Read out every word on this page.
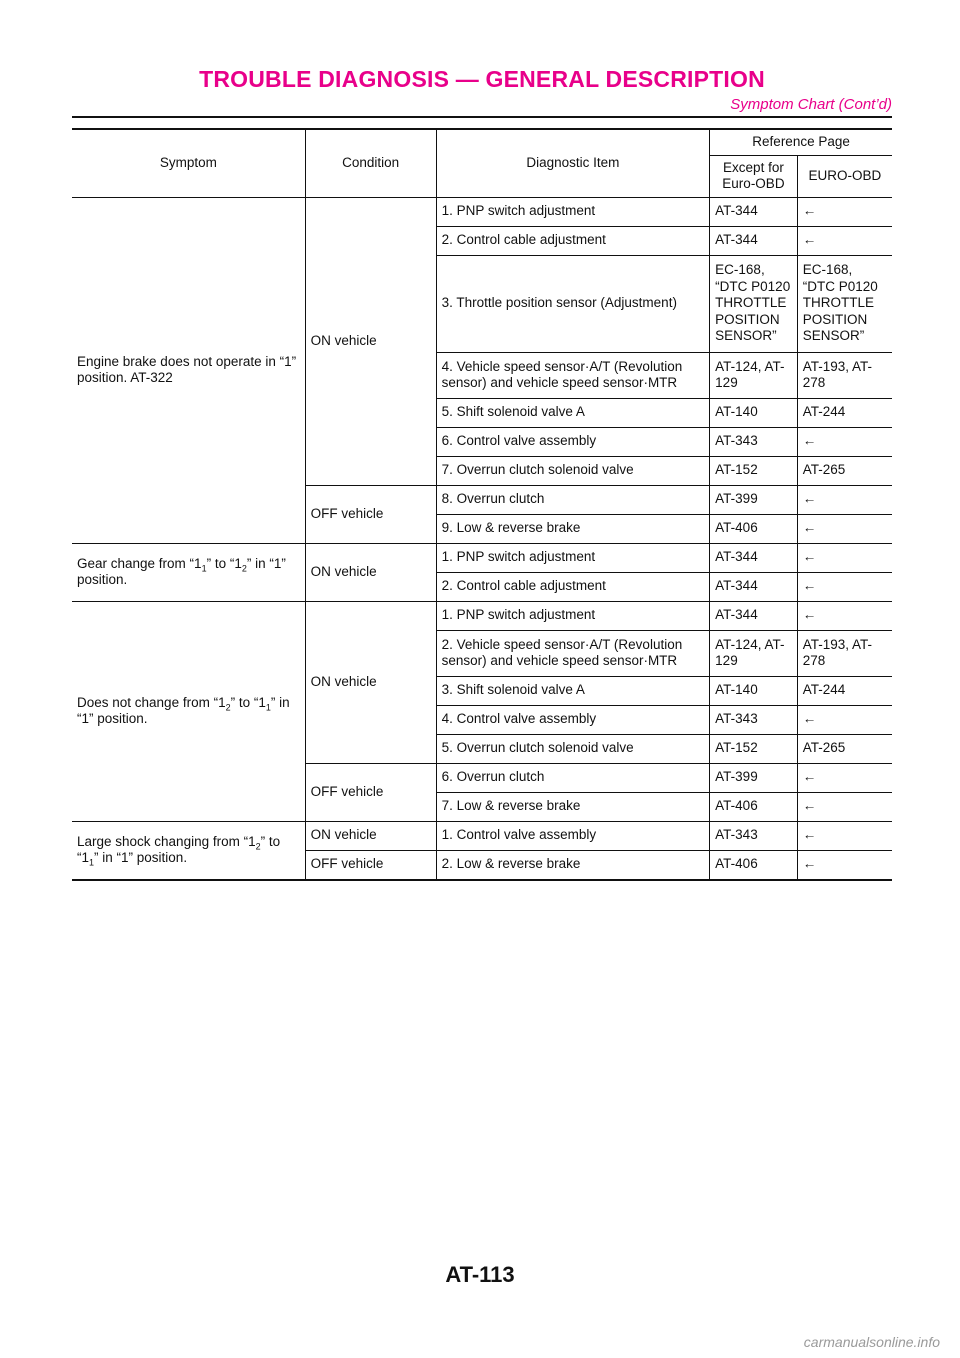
TROUBLE DIAGNOSIS — GENERAL DESCRIPTION
Symptom Chart (Cont’d)
Symptom	Condition	Diagnostic Item	Reference Page	
			Except for Euro-OBD	EURO-OBD
Engine brake does not operate in “1” position. AT-322	ON vehicle	1. PNP switch adjustment	AT-344	←
		2. Control cable adjustment	AT-344	←
		3. Throttle position sensor (Adjustment)	EC-168, “DTC P0120 THROTTLE POSITION SENSOR”	EC-168, “DTC P0120 THROTTLE POSITION SENSOR”
		4. Vehicle speed sensor·A/T (Revolution sensor) and vehicle speed sensor·MTR	AT-124, AT-129	AT-193, AT-278
		5. Shift solenoid valve A	AT-140	AT-244
		6. Control valve assembly	AT-343	←
		7. Overrun clutch solenoid valve	AT-152	AT-265
	OFF vehicle	8. Overrun clutch	AT-399	←
		9. Low & reverse brake	AT-406	←
Gear change from “$1_1$” to “$1_2$” in “1” position.	ON vehicle	1. PNP switch adjustment	AT-344	←
		2. Control cable adjustment	AT-344	←
Does not change from “$1_2$” to “$1_1$” in “1” position.	ON vehicle	1. PNP switch adjustment	AT-344	←
		2. Vehicle speed sensor·A/T (Revolution sensor) and vehicle speed sensor·MTR	AT-124, AT-129	AT-193, AT-278
		3. Shift solenoid valve A	AT-140	AT-244
		4. Control valve assembly	AT-343	←
		5. Overrun clutch solenoid valve	AT-152	AT-265
	OFF vehicle	6. Overrun clutch	AT-399	←
		7. Low & reverse brake	AT-406	←
Large shock changing from “$1_2$” to “$1_1$” in “1” position.	ON vehicle	1. Control valve assembly	AT-343	←
	OFF vehicle	2. Low & reverse brake	AT-406	←
AT-113
carmanualsonline.info
